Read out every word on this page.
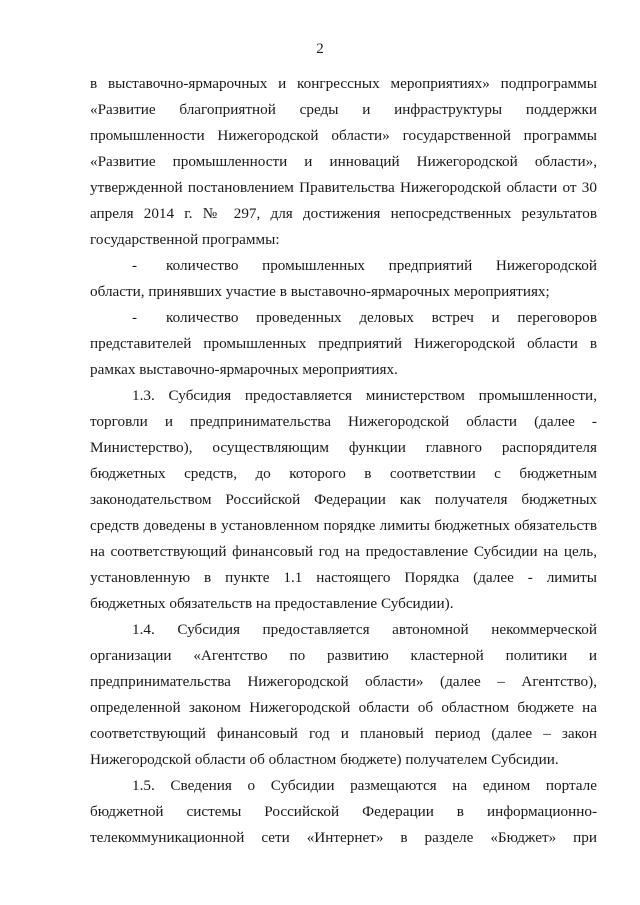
2
в выставочно-ярмарочных и конгрессных мероприятиях» подпрограммы
«Развитие благоприятной среды и инфраструктуры поддержки
промышленности Нижегородской области» государственной программы
«Развитие промышленности и инноваций Нижегородской области»,
утвержденной постановлением Правительства Нижегородской области от 30
апреля 2014 г. № 297, для достижения непосредственных результатов
государственной программы:
- количество промышленных предприятий Нижегородской
области, принявших участие в выставочно-ярмарочных мероприятиях;
- количество проведенных деловых встреч и переговоров
представителей промышленных предприятий Нижегородской области в
рамках выставочно-ярмарочных мероприятиях.
1.3. Субсидия предоставляется министерством промышленности,
торговли и предпринимательства Нижегородской области (далее -
Министерство), осуществляющим функции главного распорядителя
бюджетных средств, до которого в соответствии с бюджетным
законодательством Российской Федерации как получателя бюджетных
средств доведены в установленном порядке лимиты бюджетных обязательств
на соответствующий финансовый год на предоставление Субсидии на цель,
установленную в пункте 1.1 настоящего Порядка (далее - лимиты
бюджетных обязательств на предоставление Субсидии).
1.4. Субсидия предоставляется автономной некоммерческой
организации «Агентство по развитию кластерной политики и
предпринимательства Нижегородской области» (далее – Агентство),
определенной законом Нижегородской области об областном бюджете на
соответствующий финансовый год и плановый период (далее – закон
Нижегородской области об областном бюджете) получателем Субсидии.
1.5. Сведения о Субсидии размещаются на едином портале
бюджетной системы Российской Федерации в информационно-
телекоммуникационной сети «Интернет» в разделе «Бюджет» при
